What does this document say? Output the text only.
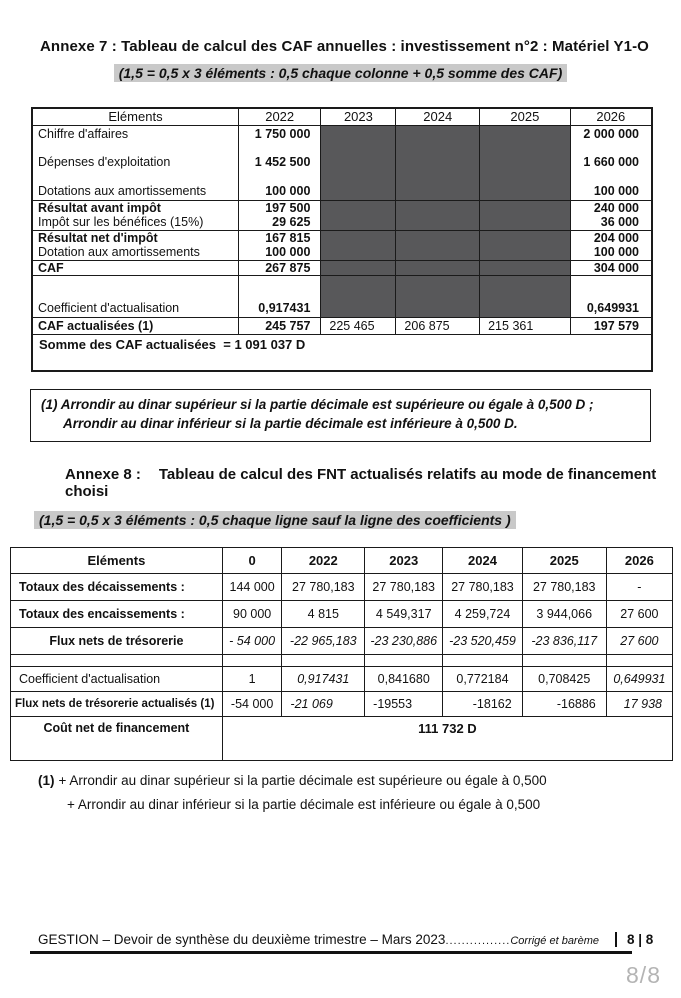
Annexe 7 : Tableau de calcul des CAF annuelles : investissement n°2 : Matériel Y1-O
(1,5 = 0,5 x 3 éléments : 0,5 chaque colonne + 0,5 somme des CAF)
Eléments	2022	2023	2024	2025	2026
Chiffre d'affaires	1 750 000				2 000 000
Dépenses d'exploitation	1 452 500				1 660 000
Dotations aux amortissements	100 000				100 000
Résultat avant impôt	197 500				240 000
Impôt sur les bénéfices (15%)	29 625				36 000
Résultat net d'impôt	167 815				204 000
Dotation aux amortissements	100 000				100 000
CAF	267 875				304 000
Coefficient d'actualisation	0,917431				0,649931
CAF actualisées (1)	245 757	225 465	206 875	215 361	197 579
Somme des CAF actualisées  = 1 091 037 D					
(1) Arrondir au dinar supérieur si la partie décimale est supérieure ou égale à 0,500 D ;
Arrondir au dinar inférieur si la partie décimale est inférieure à 0,500 D.
Annexe 8 : Tableau de calcul des FNT actualisés relatifs au mode de financement choisi
(1,5 = 0,5 x 3 éléments : 0,5 chaque ligne sauf la ligne des coefficients )
Eléments	0	2022	2023	2024	2025	2026
Totaux des décaissements :	144 000	27 780,183	27 780,183	27 780,183	27 780,183	-
Totaux des encaissements :	90 000	4 815	4 549,317	4 259,724	3 944,066	27 600
Flux nets de trésorerie	- 54 000	-22 965,183	-23 230,886	-23 520,459	-23 836,117	27 600

Coefficient d'actualisation	1	0,917431	0,841680	0,772184	0,708425	0,649931
Flux nets de trésorerie actualisés (1)	-54 000	-21 069	-19553	-18162	-16886	17 938
Coût net de financement	111 732 D					
(1) + Arrondir au dinar supérieur si la partie décimale est supérieure ou égale à 0,500
+ Arrondir au dinar inférieur si la partie décimale est inférieure ou égale à 0,500
GESTION – Devoir de synthèse du deuxième trimestre – Mars 2023 ................ Corrigé et barème 8 | 8
8/8
